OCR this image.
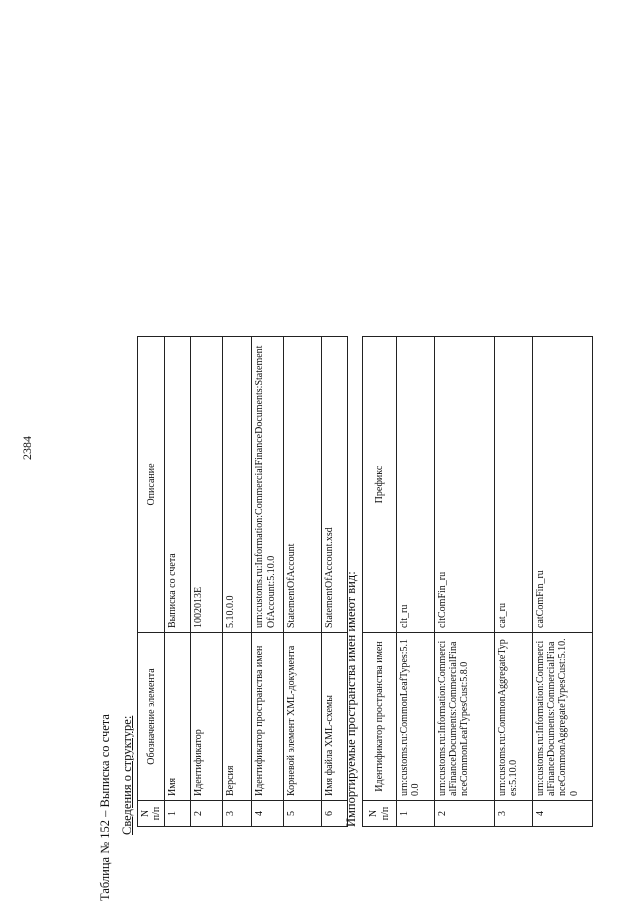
2384
Таблица № 152 – Выписка со счета Сведения о структуре: N п/п	Обозначение элемента	Описание
1	Имя	Выписка со счета
2	Идентификатор	1002013E
3	Версия	5.10.0.0
4	Идентификатор пространства имен	urn:customs.ru:Information:CommercialFinanceDocuments:StatementOfAccount:5.10.0
5	Корневой элемент XML-документа	StatementOfAccount
6	Имя файла XML-схемы	StatementOfAccount.xsd Импортируемые пространства имен имеют вид: N п/п	Идентификатор пространства имен	Префикс
1	urn:customs.ru:CommonLeafTypes:5.10.0	clt_ru
2	urn:customs.ru:Information:CommercialFinanceDocuments:CommercialFinanceCommonLeafTypesCust:5.8.0	cltComFin_ru
3	urn:customs.ru:CommonAggregateTypes:5.10.0	cat_ru
4	urn:customs.ru:Information:CommercialFinanceDocuments:CommercialFinanceCommonAggregateTypesCust:5.10.0	catComFin_ru
